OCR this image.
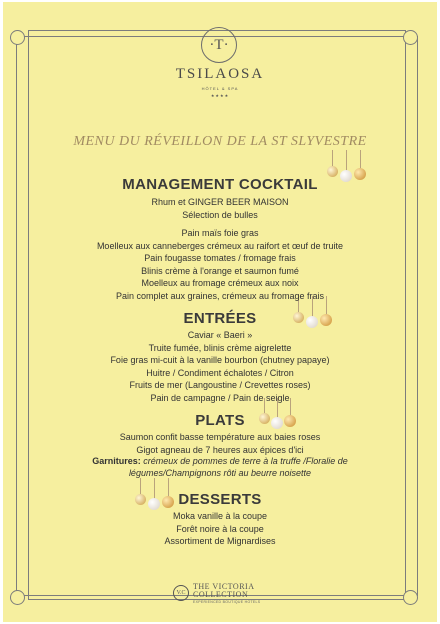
·T·
TSILAOSA
HÔTEL & SPA
★★★★
MENU DU RÉVEILLON DE LA ST SLYVESTRE
MANAGEMENT COCKTAIL
Rhum et GINGER BEER MAISON
Sélection de bulles
Pain maïs foie gras
Moelleux aux canneberges crémeux au raifort et œuf de truite
Pain fougasse tomates / fromage frais
Blinis crème à l'orange et saumon fumé
Moelleux au fromage crémeux aux noix
Pain complet aux graines, crémeux au fromage frais
ENTRÉES
Caviar « Baeri »
Truite fumée, blinis crème aigrelette
Foie gras mi-cuit à la vanille bourbon (chutney papaye)
Huitre / Condiment échalotes / Citron
Fruits de mer (Langoustine / Crevettes roses)
Pain de campagne / Pain de seigle
PLATS
Saumon confit basse température aux baies roses
Gigot agneau de 7 heures aux épices d'ici
Garnitures: crémeux de pommes de terre à la truffe /Floralie de
légumes/Champignons rôti au beurre noisette
DESSERTS
Moka vanille à la coupe
Forêt noire à la coupe
Assortiment de Mignardises
V.C
THE VICTORIA
COLLECTION
EXPERIENCED BOUTIQUE HOTELS
